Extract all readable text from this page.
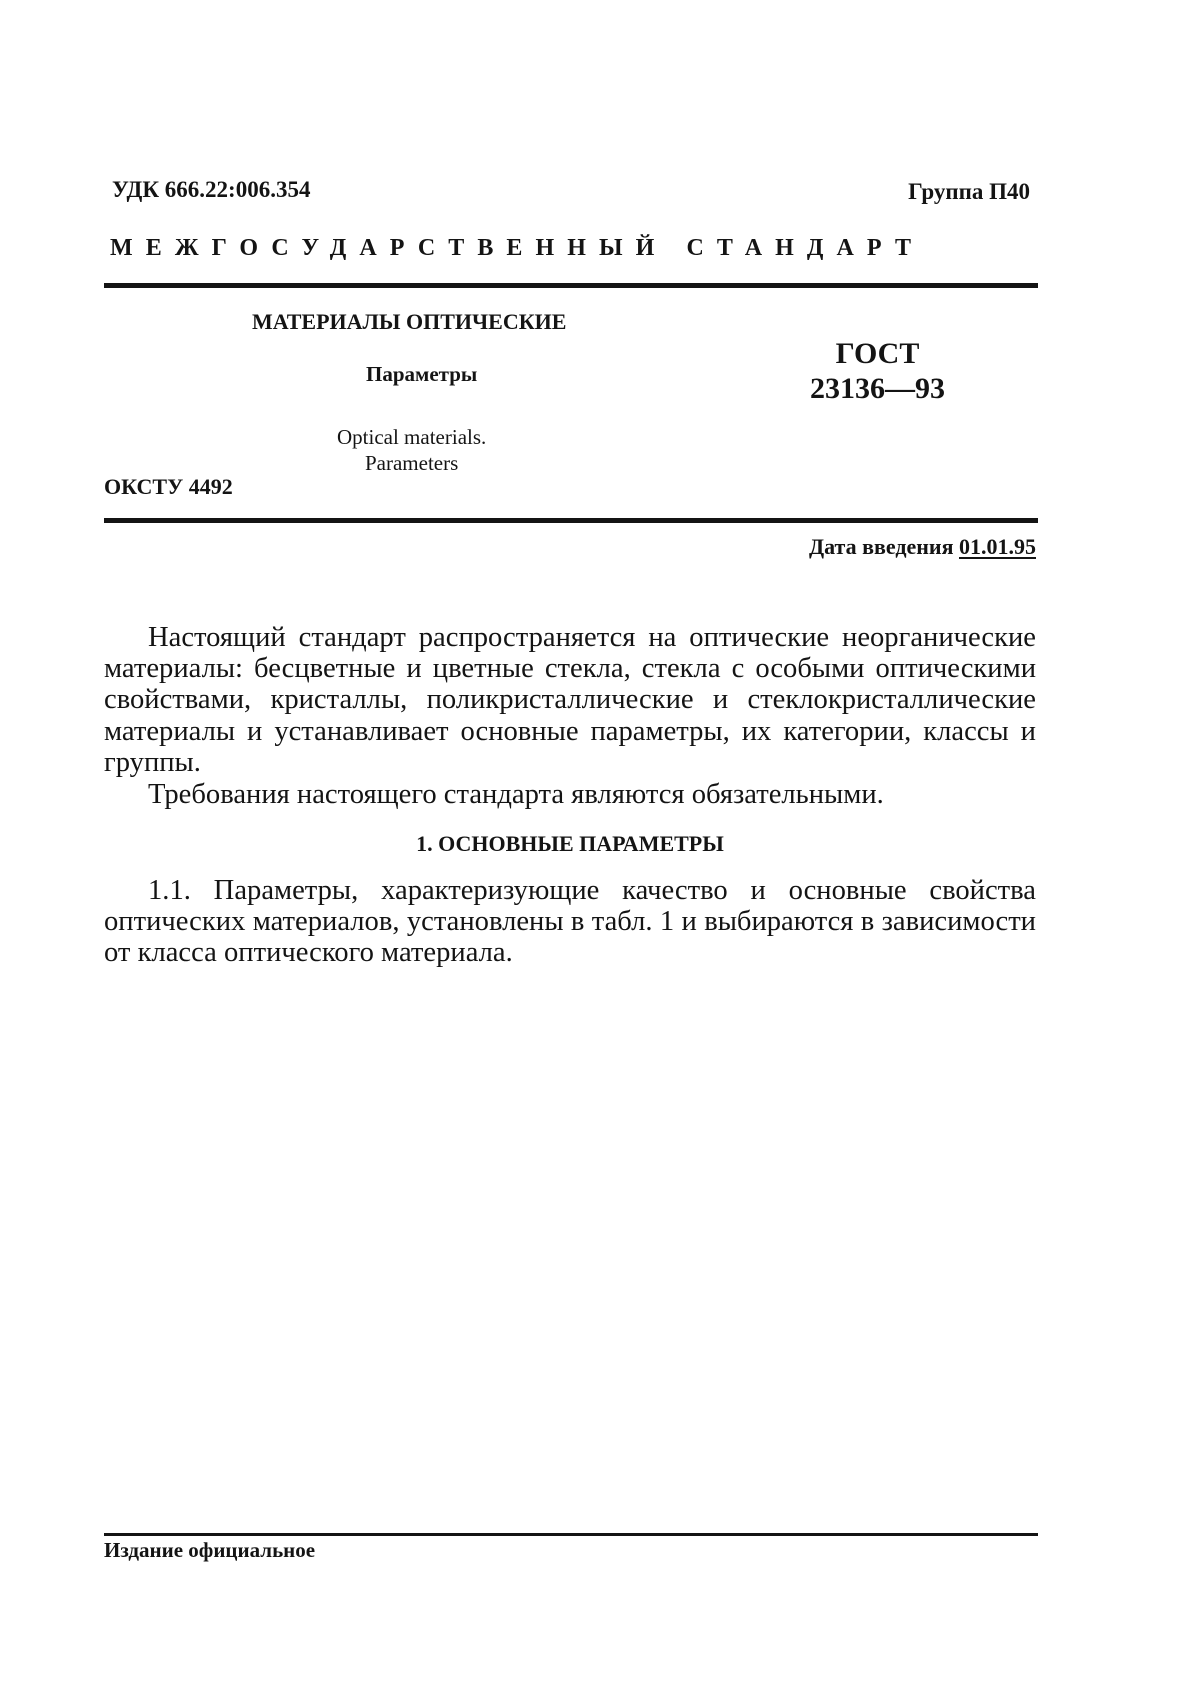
УДК 666.22:006.354	Группа П40

МЕЖГОСУДАРСТВЕННЫЙ СТАНДАРТ

МАТЕРИАЛЫ ОПТИЧЕСКИЕ

Параметры

ГОСТ
23136—93
Optical materials.
Parameters

ОКСТУ 4492

Дата введения 01.01.95

Настоящий стандарт распространяется на оптические неорганические материалы: бесцветные и цветные стекла, стекла с особыми оптическими свойствами, кристаллы, поликристаллические и стеклокристаллические материалы и устанавливает основные параметры, их категории, классы и группы.

Требования настоящего стандарта являются обязательными.

1. ОСНОВНЫЕ ПАРАМЕТРЫ

1.1. Параметры, характеризующие качество и основные свойства оптических материалов, установлены в табл. 1 и выбираются в зависимости от класса оптического материала.

Издание официальное
